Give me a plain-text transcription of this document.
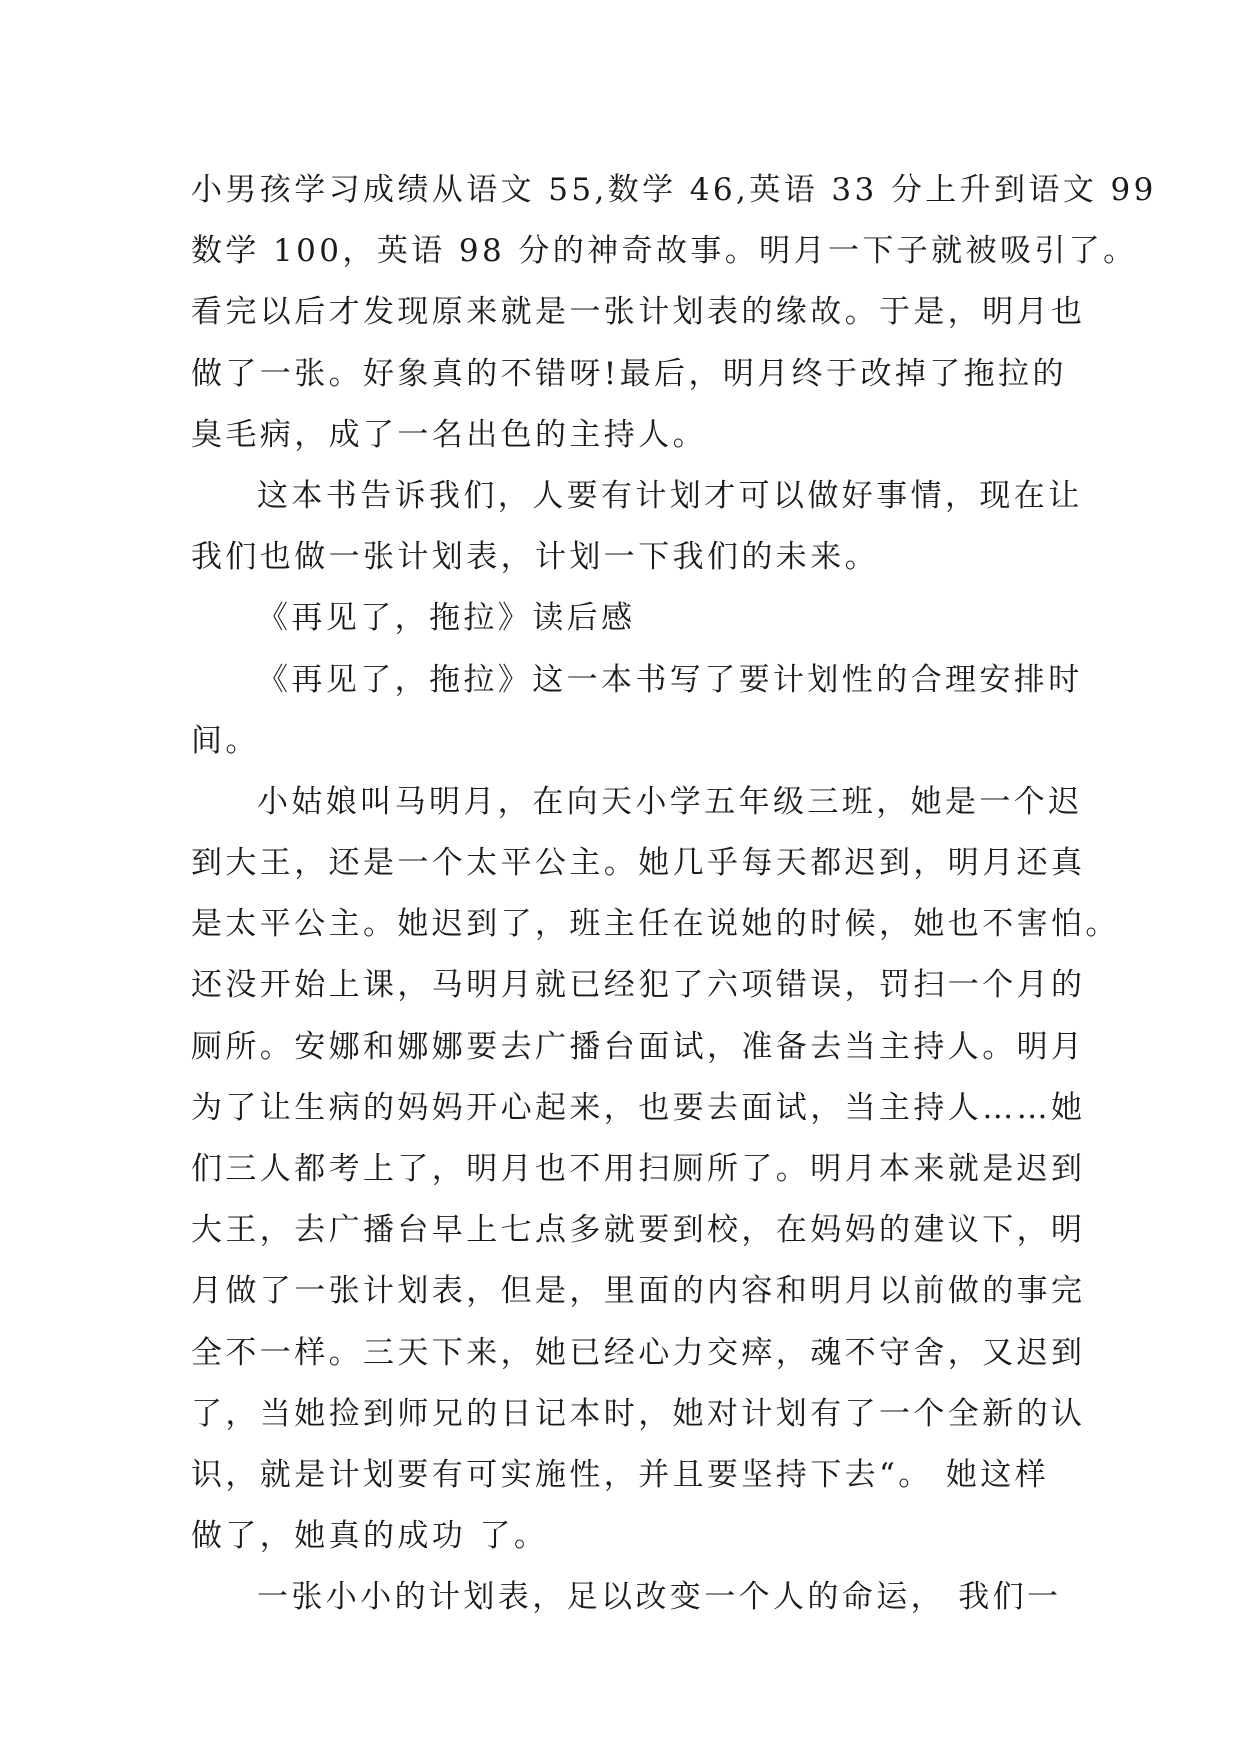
小男孩学习成绩从语文 55,数学 46,英语 33 分上升到语文 99
数学 100，英语 98 分的神奇故事。明月一下子就被吸引了。
看完以后才发现原来就是一张计划表的缘故。于是，明月也
做了一张。好象真的不错呀!最后，明月终于改掉了拖拉的
臭毛病，成了一名出色的主持人。
这本书告诉我们，人要有计划才可以做好事情，现在让
我们也做一张计划表，计划一下我们的未来。
《再见了，拖拉》读后感
《再见了，拖拉》这一本书写了要计划性的合理安排时
间。
小姑娘叫马明月，在向天小学五年级三班，她是一个迟
到大王，还是一个太平公主。她几乎每天都迟到，明月还真
是太平公主。她迟到了，班主任在说她的时候，她也不害怕。
还没开始上课，马明月就已经犯了六项错误，罚扫一个月的
厕所。安娜和娜娜要去广播台面试，准备去当主持人。明月
为了让生病的妈妈开心起来，也要去面试，当主持人……她
们三人都考上了，明月也不用扫厕所了。明月本来就是迟到
大王，去广播台早上七点多就要到校，在妈妈的建议下，明
月做了一张计划表，但是，里面的内容和明月以前做的事完
全不一样。三天下来，她已经心力交瘁，魂不守舍，又迟到
了，当她捡到师兄的日记本时，她对计划有了一个全新的认
识，就是计划要有可实施性，并且要坚持下去“。 她这样
做了，她真的成功 了。
一张小小的计划表，足以改变一个人的命运， 我们一
